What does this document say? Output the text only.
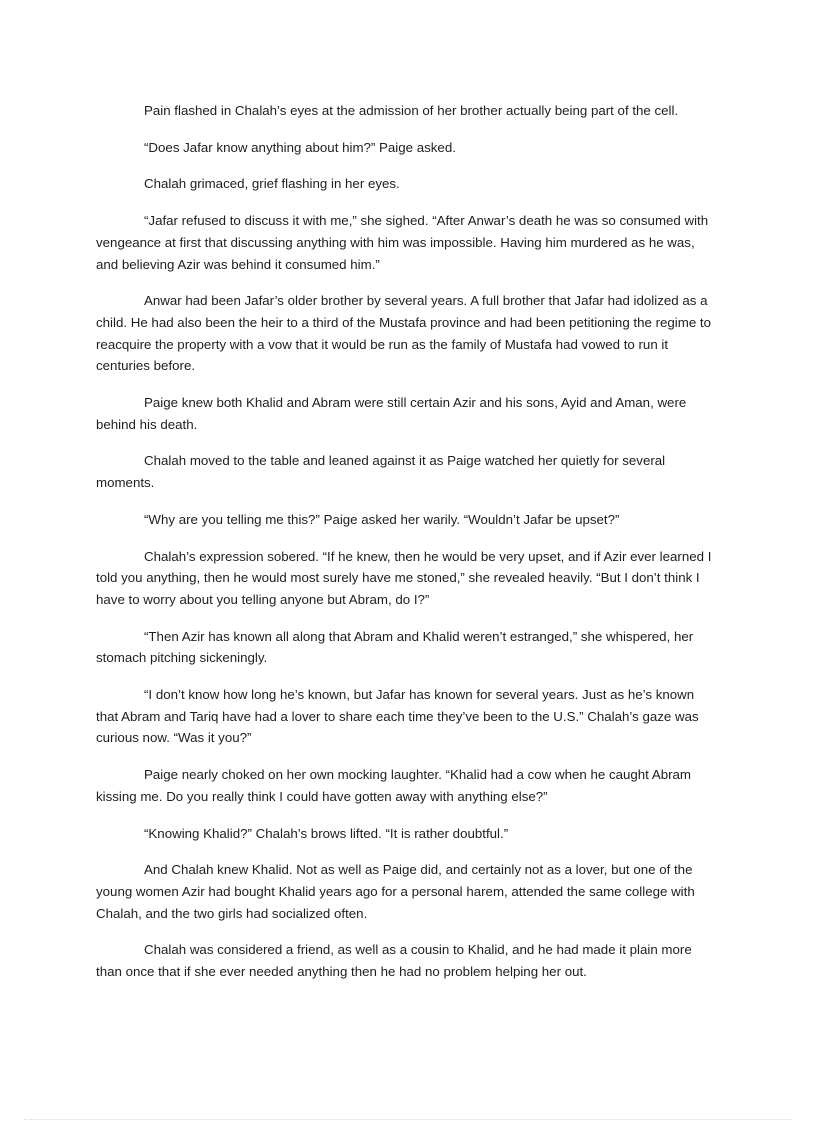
Pain flashed in Chalah’s eyes at the admission of her brother actually being part of the cell.

“Does Jafar know anything about him?” Paige asked.

Chalah grimaced, grief flashing in her eyes.

“Jafar refused to discuss it with me,” she sighed. “After Anwar’s death he was so consumed with vengeance at first that discussing anything with him was impossible. Having him murdered as he was, and believing Azir was behind it consumed him.”

Anwar had been Jafar’s older brother by several years. A full brother that Jafar had idolized as a child. He had also been the heir to a third of the Mustafa province and had been petitioning the regime to reacquire the property with a vow that it would be run as the family of Mustafa had vowed to run it centuries before.

Paige knew both Khalid and Abram were still certain Azir and his sons, Ayid and Aman, were behind his death.

Chalah moved to the table and leaned against it as Paige watched her quietly for several moments.

“Why are you telling me this?” Paige asked her warily. “Wouldn’t Jafar be upset?”

Chalah’s expression sobered. “If he knew, then he would be very upset, and if Azir ever learned I told you anything, then he would most surely have me stoned,” she revealed heavily. “But I don’t think I have to worry about you telling anyone but Abram, do I?”

“Then Azir has known all along that Abram and Khalid weren’t estranged,” she whispered, her stomach pitching sickeningly.

“I don’t know how long he’s known, but Jafar has known for several years. Just as he’s known that Abram and Tariq have had a lover to share each time they’ve been to the U.S.” Chalah’s gaze was curious now. “Was it you?”

Paige nearly choked on her own mocking laughter. “Khalid had a cow when he caught Abram kissing me. Do you really think I could have gotten away with anything else?”

“Knowing Khalid?” Chalah’s brows lifted. “It is rather doubtful.”

And Chalah knew Khalid. Not as well as Paige did, and certainly not as a lover, but one of the young women Azir had bought Khalid years ago for a personal harem, attended the same college with Chalah, and the two girls had socialized often.

Chalah was considered a friend, as well as a cousin to Khalid, and he had made it plain more than once that if she ever needed anything then he had no problem helping her out.
